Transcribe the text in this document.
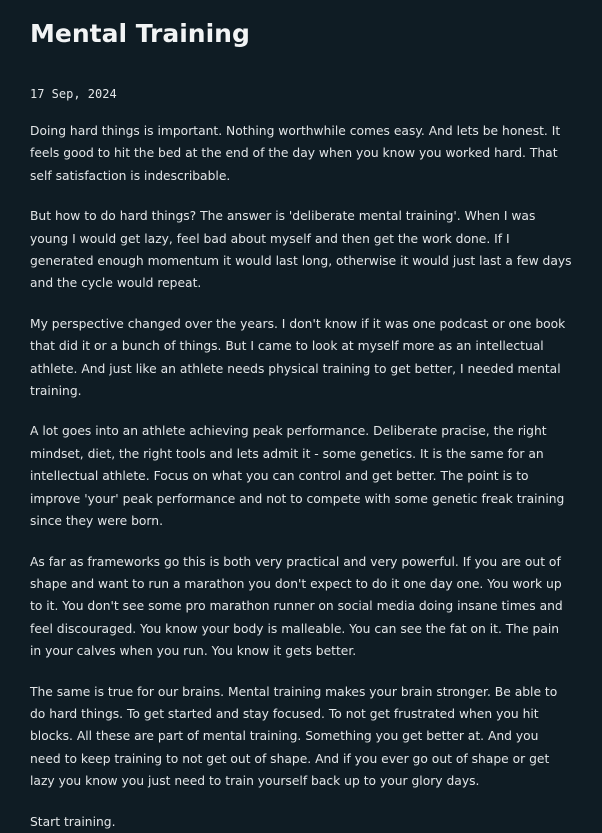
Mental Training
17 Sep, 2024

Doing hard things is important. Nothing worthwhile comes easy. And lets be honest. It feels good to hit the bed at the end of the day when you know you worked hard. That self satisfaction is indescribable.

But how to do hard things? The answer is 'deliberate mental training'. When I was young I would get lazy, feel bad about myself and then get the work done. If I generated enough momentum it would last long, otherwise it would just last a few days and the cycle would repeat.

My perspective changed over the years. I don't know if it was one podcast or one book that did it or a bunch of things. But I came to look at myself more as an intellectual athlete. And just like an athlete needs physical training to get better, I needed mental training.

A lot goes into an athlete achieving peak performance. Deliberate pracise, the right mindset, diet, the right tools and lets admit it - some genetics. It is the same for an intellectual athlete. Focus on what you can control and get better. The point is to improve 'your' peak performance and not to compete with some genetic freak training since they were born.

As far as frameworks go this is both very practical and very powerful. If you are out of shape and want to run a marathon you don't expect to do it one day one. You work up to it. You don't see some pro marathon runner on social media doing insane times and feel discouraged. You know your body is malleable. You can see the fat on it. The pain in your calves when you run. You know it gets better.

The same is true for our brains. Mental training makes your brain stronger. Be able to do hard things. To get started and stay focused. To not get frustrated when you hit blocks. All these are part of mental training. Something you get better at. And you need to keep training to not get out of shape. And if you ever go out of shape or get lazy you know you just need to train yourself back up to your glory days.

Start training.
